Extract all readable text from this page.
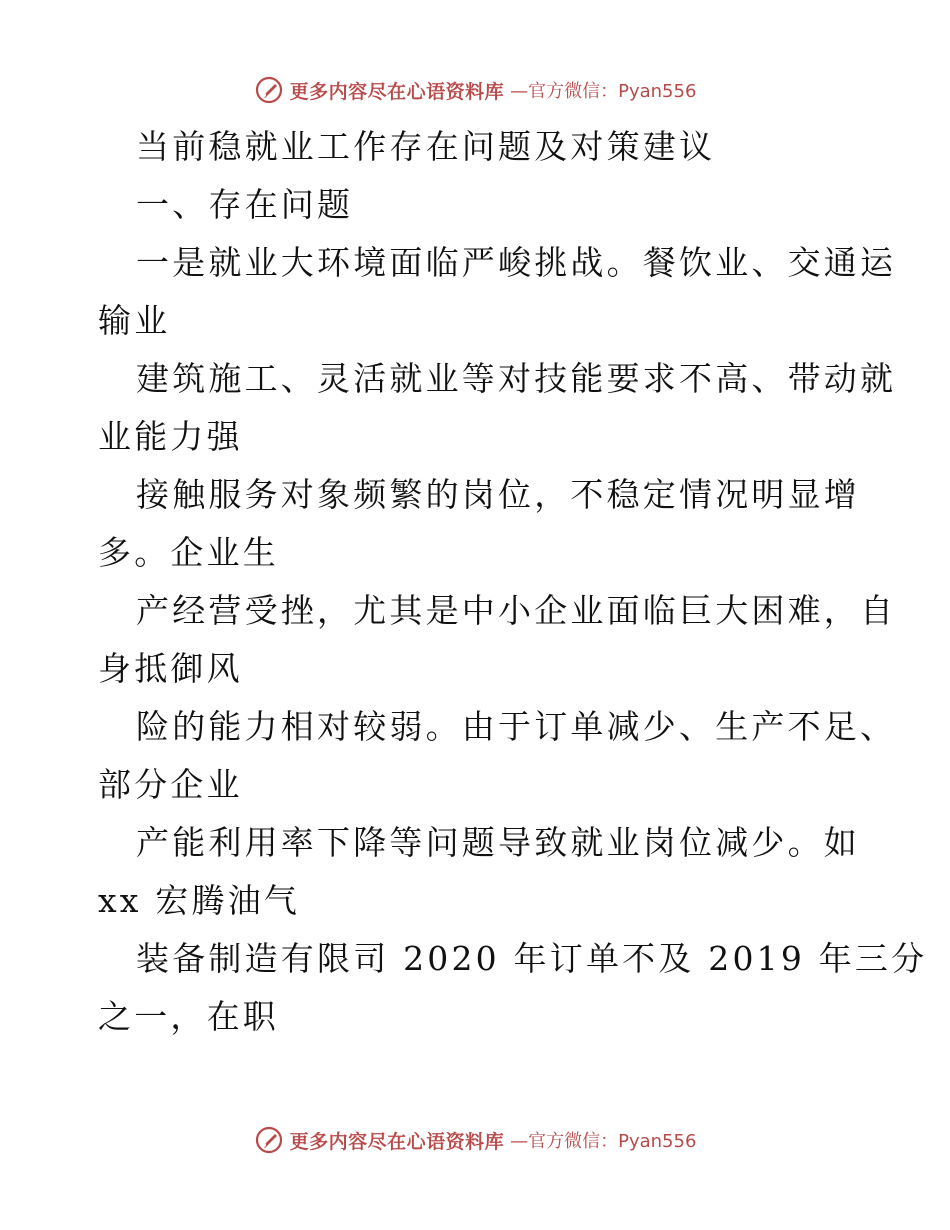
更多内容尽在心语资料库 —官方微信：Pyan556
当前稳就业工作存在问题及对策建议
一、存在问题
一是就业大环境面临严峻挑战。餐饮业、交通运
输业
建筑施工、灵活就业等对技能要求不高、带动就
业能力强
接触服务对象频繁的岗位，不稳定情况明显增
多。企业生
产经营受挫，尤其是中小企业面临巨大困难，自
身抵御风
险的能力相对较弱。由于订单减少、生产不足、
部分企业
产能利用率下降等问题导致就业岗位减少。如
xx 宏腾油气
装备制造有限司 2020 年订单不及 2019 年三分
之一，在职
更多内容尽在心语资料库 —官方微信：Pyan556
